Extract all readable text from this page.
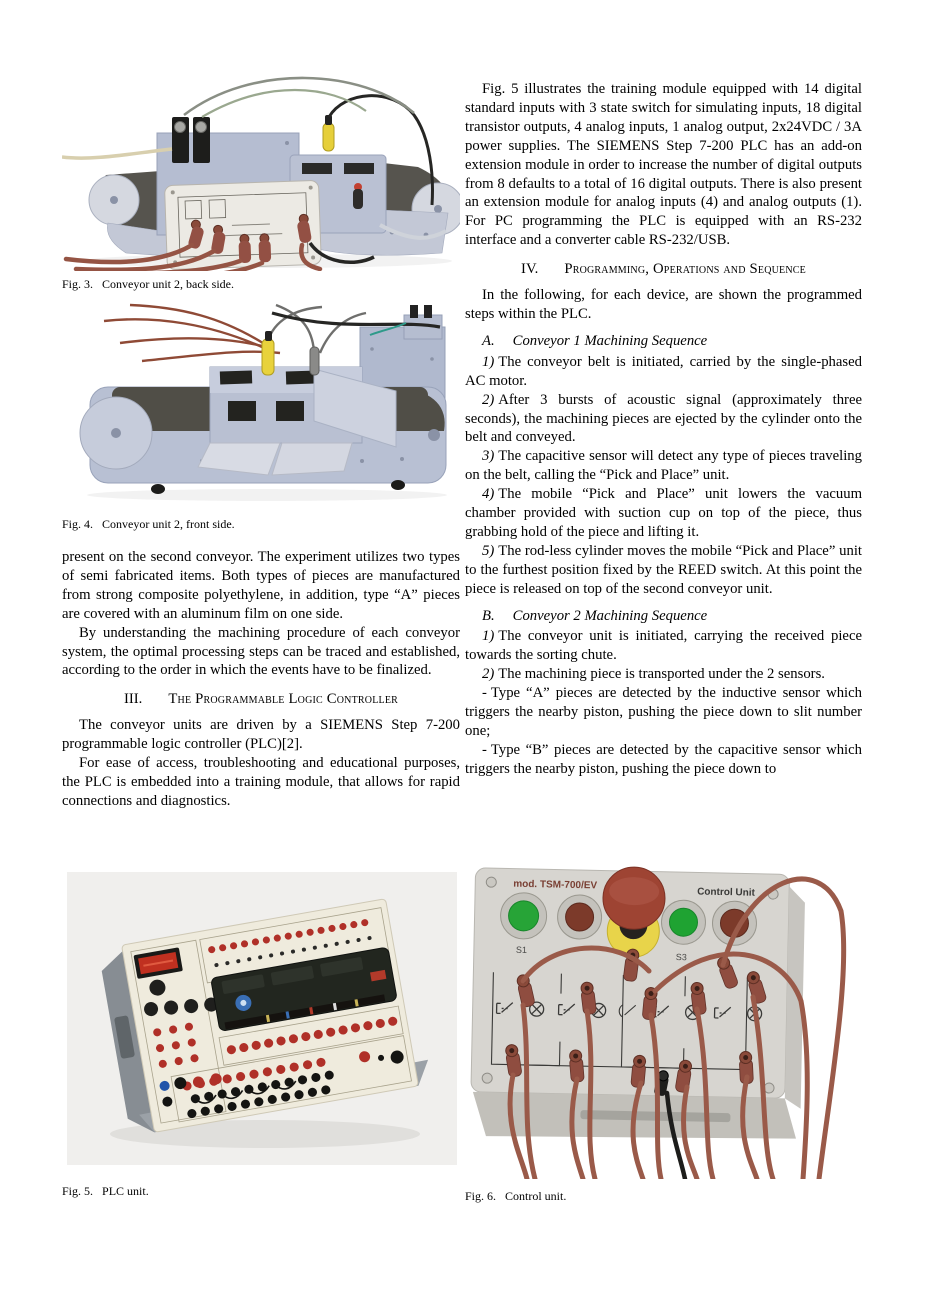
Fig. 3. Conveyor unit 2, back side.
Fig. 4. Conveyor unit 2, front side.

present on the second conveyor. The experiment utilizes two types of semi fabricated items. Both types of pieces are manufactured from strong composite polyethylene, in addition, type “A” pieces are covered with an aluminum film on one side.

By understanding the machining procedure of each conveyor system, the optimal processing steps can be traced and established, according to the order in which the events have to be finalized.

III. The Programmable Logic Controller

The conveyor units are driven by a SIEMENS Step 7-200 programmable logic controller (PLC)[2].

For ease of access, troubleshooting and educational purposes, the PLC is embedded into a training module, that allows for rapid connections and diagnostics.

Fig. 5. PLC unit.

Fig. 5 illustrates the training module equipped with 14 digital standard inputs with 3 state switch for simulating inputs, 18 digital transistor outputs, 4 analog inputs, 1 analog output, 2x24VDC / 3A power supplies. The SIEMENS Step 7-200 PLC has an add-on extension module in order to increase the number of digital outputs from 8 defaults to a total of 16 digital outputs. There is also present an extension module for analog inputs (4) and analog outputs (1). For PC programming the PLC is equipped with an RS-232 interface and a converter cable RS-232/USB.

IV. Programming, Operations and Sequence

In the following, for each device, are shown the programmed steps within the PLC.

A. Conveyor 1 Machining Sequence

1) The conveyor belt is initiated, carried by the single-phased AC motor.

2) After 3 bursts of acoustic signal (approximately three seconds), the machining pieces are ejected by the cylinder onto the belt and conveyed.

3) The capacitive sensor will detect any type of pieces traveling on the belt, calling the “Pick and Place” unit.

4) The mobile “Pick and Place” unit lowers the vacuum chamber provided with suction cup on top of the piece, thus grabbing hold of the piece and lifting it.

5) The rod-less cylinder moves the mobile “Pick and Place” unit to the furthest position fixed by the REED switch. At this point the piece is released on top of the second conveyor unit.

B. Conveyor 2 Machining Sequence

1) The conveyor unit is initiated, carrying the received piece towards the sorting chute.

2) The machining piece is transported under the 2 sensors.

- Type “A” pieces are detected by the inductive sensor which triggers the nearby piston, pushing the piece down to slit number one;

- Type “B” pieces are detected by the capacitive sensor which triggers the nearby piston, pushing the piece down to

mod. TSM-700/EV
Control Unit
S1
S3
Fig. 6. Control unit.
